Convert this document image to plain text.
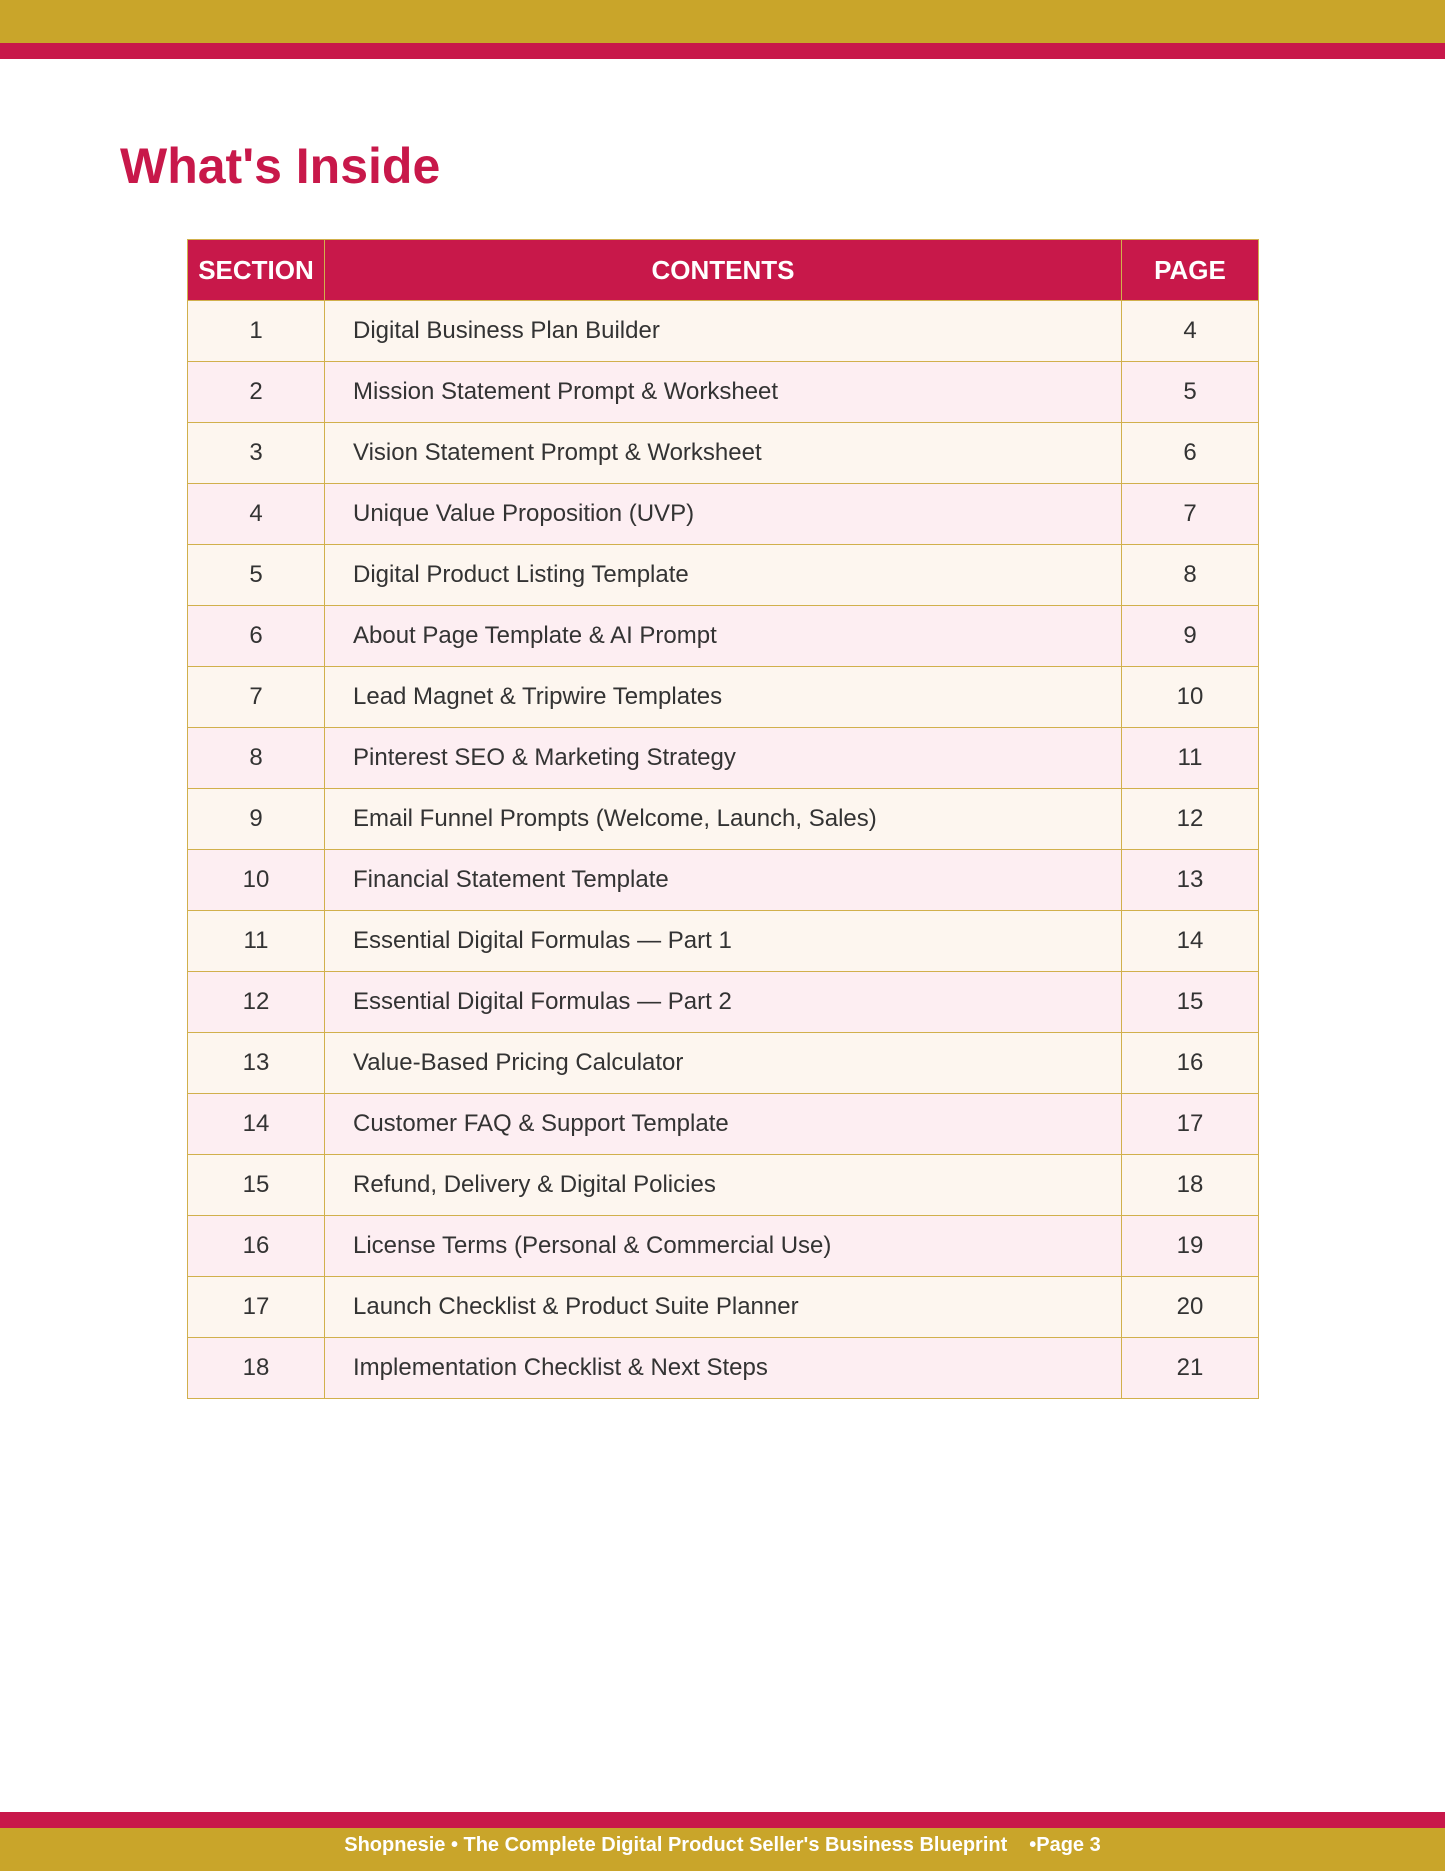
What's Inside
SECTION	CONTENTS	PAGE
1	Digital Business Plan Builder	4
2	Mission Statement Prompt & Worksheet	5
3	Vision Statement Prompt & Worksheet	6
4	Unique Value Proposition (UVP)	7
5	Digital Product Listing Template	8
6	About Page Template & AI Prompt	9
7	Lead Magnet & Tripwire Templates	10
8	Pinterest SEO & Marketing Strategy	11
9	Email Funnel Prompts (Welcome, Launch, Sales)	12
10	Financial Statement Template	13
11	Essential Digital Formulas — Part 1	14
12	Essential Digital Formulas — Part 2	15
13	Value-Based Pricing Calculator	16
14	Customer FAQ & Support Template	17
15	Refund, Delivery & Digital Policies	18
16	License Terms (Personal & Commercial Use)	19
17	Launch Checklist & Product Suite Planner	20
18	Implementation Checklist & Next Steps	21
Shopnesie • The Complete Digital Product Seller's Business Blueprint •Page 3
